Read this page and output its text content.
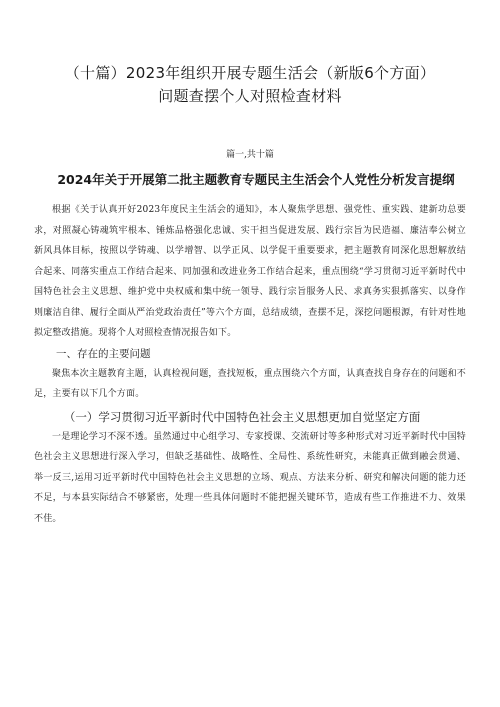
（十篇）2023年组织开展专题生活会（新版6个方面）
问题查摆个人对照检查材料
篇一,共十篇
2024年关于开展第二批主题教育专题民主生活会个人党性分析发言提纲

根据《关于认真开好2023年度民主生活会的通知》，本人聚焦学思想、强党性、重实践、建新功总要求，对照凝心铸魂筑牢根本、锤炼品格强化忠诚、实干担当促进发展、践行宗旨为民造福、廉洁奉公树立新风具体目标，按照以学铸魂、以学增智、以学正风、以学促干重要要求，把主题教育同深化思想解放结合起来、同落实重点工作结合起来、同加强和改进业务工作结合起来，重点围绕“学习贯彻习近平新时代中国特色社会主义思想、维护党中央权威和集中统一领导、践行宗旨服务人民、求真务实狠抓落实、以身作则廉洁自律、履行全面从严治党政治责任”等六个方面，总结成绩，查摆不足，深挖问题根源，有针对性地拟定整改措施。现将个人对照检查情况报告如下。

一、存在的主要问题

聚焦本次主题教育主题，认真检视问题，查找短板，重点围绕六个方面，认真查找自身存在的问题和不足，主要有以下几个方面。

（一）学习贯彻习近平新时代中国特色社会主义思想更加自觉坚定方面

一是理论学习不深不透。虽然通过中心组学习、专家授课、交流研讨等多种形式对习近平新时代中国特色社会主义思想进行深入学习，但缺乏基础性、战略性、全局性、系统性研究，未能真正做到融会贯通、举一反三,运用习近平新时代中国特色社会主义思想的立场、观点、方法来分析、研究和解决问题的能力还不足，与本县实际结合不够紧密，处理一些具体问题时不能把握关键环节，造成有些工作推进不力、效果不佳。
